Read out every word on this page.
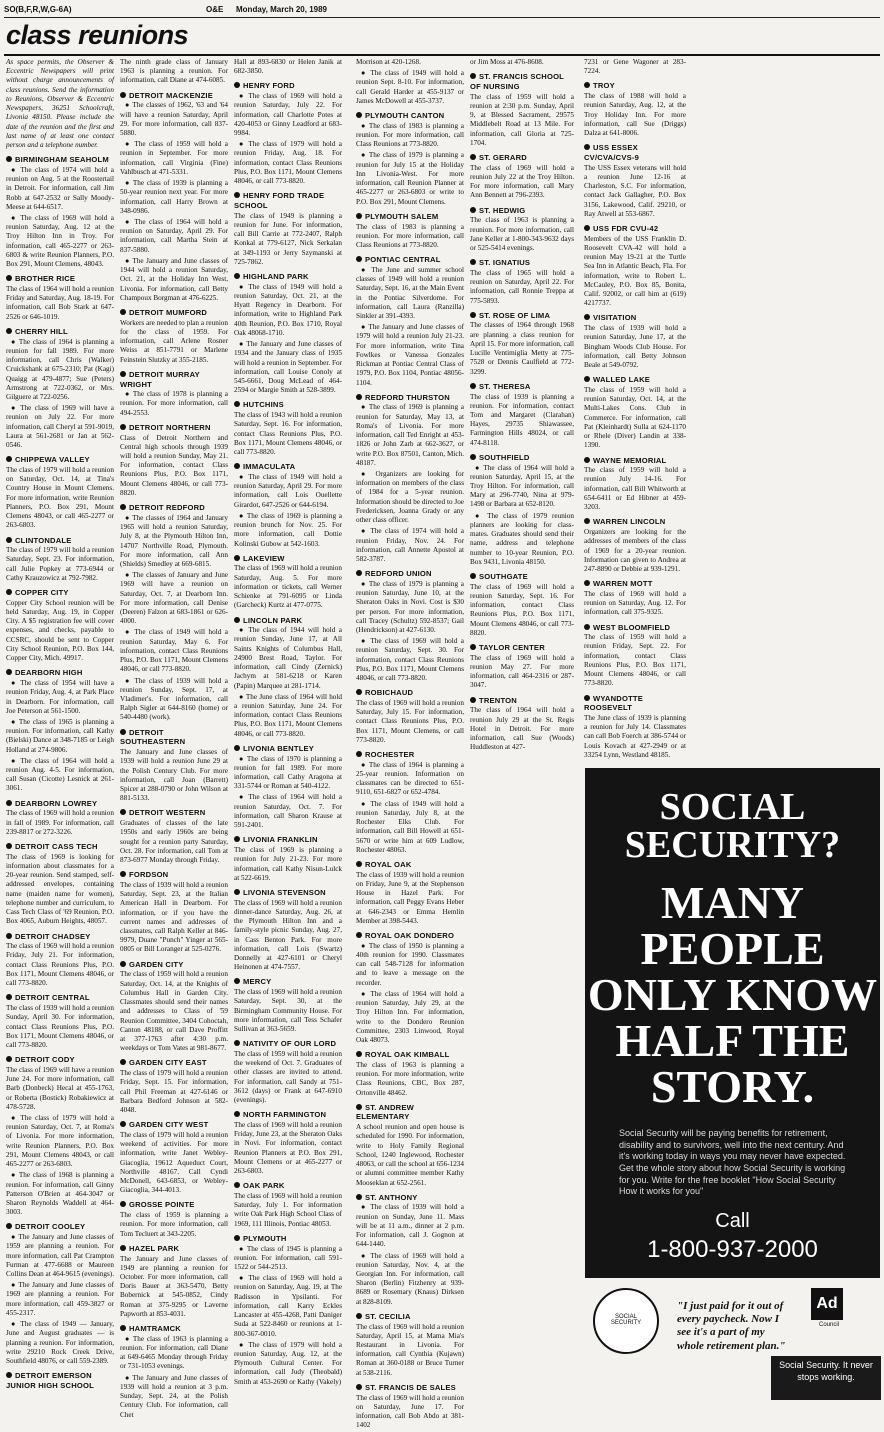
SO(B,F,R,W,G-6A)	O&E Monday, March 20, 1989
class reunions

As space permits, the Observer & Eccentric Newspapers will print without charge announcements of class reunions. Send the information to Reunions, Observer & Eccentric Newspapers, 36251 Schoolcraft, Livonia 48150. Please include the date of the reunion and the first and last name of at least one contact person and a telephone number.

BIRMINGHAM SEAHOLM

● The class of 1974 will hold a reunion on Aug. 5 at the Roostertail in Detroit. For information, call Jim Robb at 647-2532 or Sally Moody-Meese at 644-6517.

● The class of 1969 will hold a reunion Saturday, Aug. 12 at the Troy Hilton Inn in Troy. For information, call 465-2277 or 263-6803 & write Reunion Planners, P.O. Box 291, Mount Clemens, 48043.

BROTHER RICE

The class of 1964 will hold a reunion Friday and Saturday, Aug. 18-19. For information, call Bob Stark at 647-2526 or 646-1019.

CHERRY HILL

● The class of 1964 is planning a reunion for fall 1989. For more information, call Chris (Walker) Cruickshank at 675-2310; Pat (Kagi) Quaigg at 479-4877; Sue (Peters) Armstrong at 722-0362, or Mrs. Gilguere at 722-0256.

● The class of 1969 will have a reunion on July 22. For more information, call Cheryl at 591-9019, Laura at 561-2681 or Jan at 562-0546.

CHIPPEWA VALLEY

The class of 1979 will hold a reunion on Saturday, Oct. 14, at Tina's Country House in Mount Clemens. For more information, write Reunion Planners, P.O. Box 291, Mount Clemens 48043, or call 465-2277 or 263-6803.

CLINTONDALE

The class of 1979 will hold a reunion Saturday, Sept. 23. For information, call Julie Popkey at 773-6944 or Cathy Krauzowicz at 792-7982.

COPPER CITY

Copper City School reunion will be held Saturday, Aug. 19, in Copper City. A $5 registration fee will cover expenses, and checks, payable to CCSRC, should be sent to Copper City School Reunion, P.O. Box 144, Copper City, Mich. 49917.

DEARBORN HIGH

● The class of 1954 will have a reunion Friday, Aug. 4, at Park Place in Dearborn. For information, call Joe Peterson at 561-1500.

● The class of 1965 is planning a reunion. For information, call Kathy (Bielski) Dance at 348-7185 or Leigh Holland at 274-9806.

● The class of 1964 will hold a reunion Aug. 4-5. For information, call Susan (Cicotte) Lesnick at 261-3061.

DEARBORN LOWREY

The class of 1969 will hold a reunion in fall of 1989. For information, call 239-8817 or 272-3226.

DETROIT CASS TECH

The class of 1969 is looking for information about classmates for a 20-year reunion. Send stamped, self-addressed envelopes, containing name (maiden name for women), telephone number and curriculum, to Cass Tech Class of '69 Reunion, P.O. Box 4065, Auburn Heights, 48057.

DETROIT CHADSEY

The class of 1969 will hold a reunion Friday, July 21. For information, contact Class Reunions Plus, P.O. Box 1171, Mount Clemens 48046, or call 773-8820.

DETROIT CENTRAL

The class of 1939 will hold a reunion Sunday, April 30. For information, contact Class Reunions Plus, P.O. Box 1171, Mount Clemens 48046, or call 773-8820.

DETROIT CODY

The class of 1969 will have a reunion June 24. For more information, call Barb (Donbeck) Hecal at 455-1763, or Roberta (Bostick) Robakiewicz at 478-5728.

● The class of 1979 will hold a reunion Saturday, Oct. 7, at Roma's of Livonia. For more information, write Reunion Planners, P.O. Box 291, Mount Clemens 48043, or call 465-2277 or 263-6803.

● The class of 1968 is planning a reunion. For information, call Ginny Patterson O'Brien at 464-3047 or Sharon Reynolds Waddell at 464-3003.

DETROIT COOLEY

● The January and June classes of 1959 are planning a reunion. For more information, call Pat Crampton Furman at 477-6688 or Maureen Collins Dean at 464-9615 (evenings).

● The January and June classes of 1969 are planning a reunion. For more information, call 459-3827 or 455-2317.

● The class of 1949 — January, June and August graduates — is planning a reunion. For information, write 29210 Rock Creek Drive, Southfield 48076, or call 559-2389.

DETROIT EMERSON JUNIOR HIGH SCHOOL

The ninth grade class of January 1963 is planning a reunion. For information, call Diane at 474-6085.

DETROIT MACKENZIE

● The classes of 1962, '63 and '64 will have a reunion Saturday, April 29. For more information, call 837-5880.

● The class of 1959 will hold a reunion in September. For more information, call Virginia (Fine) Vahlbusch at 471-5331.

● The class of 1939 is planning a 50-year reunion next year. For more information, call Harry Brown at 348-0986.

● The class of 1964 will hold a reunion on Saturday, April 29. For information, call Martha Stein at 837-5880.

● The January and June classes of 1944 will hold a reunion Saturday, Oct. 21, at the Holiday Inn West, Livonia. For information, call Betty Champoux Borgman at 476-6225.

DETROIT MUMFORD

Workers are needed to plan a reunion for the class of 1959. For information, call Arlene Rosner Weiss at 851-7791 or Marlene Feinstein Slutzky at 355-2185.

DETROIT MURRAY WRIGHT

● The class of 1978 is planning a reunion. For more information, call 494-2553.

DETROIT NORTHERN

Class of Detroit Northern and Central high schools through 1939 will hold a reunion Sunday, May 21. For information, contact Class Reunions Plus, P.O. Box 1171, Mount Clemens 48046, or call 773-8820.

DETROIT REDFORD

● The classes of 1964 and January 1965 will hold a reunion Saturday, July 8, at the Plymouth Hilton Inn, 14707 Northville Road, Plymouth. For more information, call Ann (Shields) Smedley at 669-6815.

● The classes of January and June 1969 will have a reunion on Saturday, Oct. 7, at Dearborn Inn. For more information, call Denise (Deeren) Falzon at 683-1861 or 626-4000.

● The class of 1949 will hold a reunion Saturday, May 6. For information, contact Class Reunions Plus, P.O. Box 1171, Mount Clemens 48046, or call 773-8820.

● The class of 1939 will hold a reunion Sunday, Sept. 17, at Vladimer's. For information, call Ralph Sigler at 644-8160 (home) or 540-4480 (work).

DETROIT SOUTHEASTERN

The January and June classes of 1939 will hold a reunion June 29 at the Polish Century Club. For more information, call Joan (Barrett) Spicer at 288-0790 or John Wilson at 881-5133.

DETROIT WESTERN

Graduates of classes of the late 1950s and early 1960s are being sought for a reunion party Saturday, Oct. 28. For information, call Tom at 873-6977 Monday through Friday.

FORDSON

The class of 1939 will hold a reunion Saturday, Sept. 23, at the Italian American Hall in Dearborn. For information, or if you have the current names and addresses of classmates, call Ralph Keller at 846-9979, Duane "Punch" Yinger at 565-0805 or Bill Loranger at 525-0276.

GARDEN CITY

The class of 1959 will hold a reunion Saturday, Oct. 14, at the Knights of Columbus Hall in Garden City. Classmates should send their names and addresses to Class of '59 Reunion Committee, 3404 Cohoctah, Canton 48188, or call Dave Proffitt at 377-1763 after 4:30 p.m. weekdays or Tom Vates at 981-8677.

GARDEN CITY EAST

The class of 1979 will hold a reunion Friday, Sept. 15. For information, call Phil Freeman at 427-6146 or Barbara Bedford Johnson at 582-4048.

GARDEN CITY WEST

The class of 1979 will hold a reunion weekend of activities. For more information, write Janet Webley-Giacoglia, 19612 Aqueduct Court, Northville 48167. Call Cyndi McDonell, 643-6853, or Webley-Giacoglia, 344-4013.

GROSSE POINTE

The class of 1959 is planning a reunion. For more information, call Tom Tecluert at 343-2205.

HAZEL PARK

The January and June classes of 1949 are planning a reunion for October. For more information, call Doris Bauer at 363-5470, Betty Bobernick at 545-0852, Cindy Roman at 375-9295 or Laverne Papworth at 853-4031.

HAMTRAMCK

● The class of 1963 is planning a reunion. For information, call Diane at 649-6465 Monday through Friday or 731-1053 evenings.

● The January and June classes of 1939 will hold a reunion at 3 p.m. Sunday, Sept. 24, at the Polish Century Club. For information, call Chet

Hall at 893-6830 or Helen Janik at 682-3850.

HENRY FORD

● The class of 1969 will hold a reunion Saturday, July 22. For information, call Charlotte Potes at 420-4053 or Ginny Leadford at 683-9984.

● The class of 1979 will hold a reunion Friday, Aug. 18. For information, contact Class Reunions Plus, P.O. Box 1171, Mount Clemens 48046, or call 773-8820.

HENRY FORD TRADE SCHOOL

The class of 1949 is planning a reunion for June. For information, call Bill Carrie at 772-2407, Ralph Konkal at 779-6127, Nick Serkalan at 349-1193 or Jerry Szymanski at 725-7862.

HIGHLAND PARK

● The class of 1949 will hold a reunion Saturday, Oct. 21, at the Hyatt Regency in Dearborn. For information, write to Highland Park 40th Reunion, P.O. Box 1710, Royal Oak 48068-1710.

● The January and June classes of 1934 and the January class of 1935 will hold a reunion in September. For information, call Louise Conoly at 545-6661, Doug McLead of 464-2594 or Margie Smith at 528-3899.

HUTCHINS

The class of 1943 will hold a reunion Saturday, Sept. 16. For information, contact Class Reunions Plus, P.O. Box 1171, Mount Clemens 48046, or call 773-8820.

IMMACULATA

● The class of 1949 will hold a reunion Saturday, April 29. For more information, call Lois Ouellette Girardot, 647-2526 or 644-6194.

● The class of 1969 is planning a reunion brunch for Nov. 25. For more information, call Dottie Kolinski Gubow at 542-1603.

LAKEVIEW

The class of 1969 will hold a reunion Saturday, Aug. 5. For more information or tickets, call Werner Schienke at 791-6095 or Linda (Garcheck) Kurtz at 477-0775.

LINCOLN PARK

● The class of 1944 will hold a reunion Sunday, June 17, at All Saints Knights of Columbus Hall, 24900 Brest Road, Taylor. For information, call Cindy (Zernick) Jachym at 581-6218 or Karen (Papin) Marquee at 281-1714.

● The June class of 1964 will hold a reunion Saturday, June 24. For information, contact Class Reunions Plus, P.O. Box 1171, Mount Clemens 48046, or call 773-8820.

LIVONIA BENTLEY

● The class of 1970 is planning a reunion for fall 1989. For more information, call Cathy Aragona at 331-5744 or Roman at 540-4122.

● The class of 1964 will hold a reunion Saturday, Oct. 7. For information, call Sharon Krause at 591-2401.

LIVONIA FRANKLIN

The class of 1969 is planning a reunion for July 21-23. For more information, call Kathy Nisun-Lulck at 522-6619.

LIVONIA STEVENSON

The class of 1969 will hold a reunion dinner-dance Saturday, Aug. 26, at the Plymouth Hilton Inn and a family-style picnic Sunday, Aug. 27, in Cass Benton Park. For more information, call Lois (Swartz) Donnelly at 427-6101 or Cheryl Heinonen at 474-7557.

MERCY

The class of 1969 will hold a reunion Saturday, Sept. 30, at the Birmingham Community House. For more information, call Tess Schafer Sullivan at 363-5659.

NATIVITY OF OUR LORD

The class of 1959 will hold a reunion the weekend of Oct. 7. Graduates of other classes are invited to attend. For information, call Sandy at 751-3612 (days) or Frank at 647-6910 (evenings).

NORTH FARMINGTON

The class of 1969 will hold a reunion Friday, June 23, at the Sheraton Oaks in Novi. For information, contact Reunion Planners at P.O. Box 291, Mount Clemens or at 465-2277 or 263-6803.

OAK PARK

The class of 1969 will hold a reunion Saturday, July 1. For information write Oak Park High School Class of 1969, 111 Illinois, Pontiac 48053.

PLYMOUTH

● The class of 1945 is planning a reunion. For information, call 591-1522 or 544-2513.

● The class of 1969 will hold a reunion on Saturday, Aug. 19, at The Radisson in Ypsilanti. For information, call Karry Eckles Lancaster at 455-4268, Patti Daniger Suda at 522-8460 or reunions at 1-800-367-0010.

● The class of 1979 will hold a reunion Saturday, Aug. 12, at the Plymouth Cultural Center. For information, call Judy (Theobald) Smith at 453-2690 or Kathy (Vakely)

Morrison at 420-1268.

● The class of 1949 will hold a reunion Sept. 8-10. For information, call Gerald Harder at 455-9137 or James McDowell at 455-3737.

PLYMOUTH CANTON

● The class of 1983 is planning a reunion. For more information, call Class Reunions at 773-8820.

● The class of 1979 is planning a reunion for July 15 at the Holiday Inn Livonia-West. For more information, call Reunion Planner at 465-2277 or 263-6803 or write to P.O. Box 291, Mount Clemens.

PLYMOUTH SALEM

The class of 1983 is planning a reunion. For more information, call Class Reunions at 773-8820.

PONTIAC CENTRAL

● The June and summer school classes of 1949 will hold a reunion Saturday, Sept. 16, at the Main Event in the Pontiac Silverdome. For information, call Laura (Ranzilla) Sinkler at 391-4393.

● The January and June classes of 1979 will hold a reunion July 21-23. For more information, write Tina Fowlkes or Vanessa Gonzales Rickman at Pontiac Central Class of 1979, P.O. Box 1104, Pontiac 48056-1104.

REDFORD THURSTON

● The class of 1969 is planning a reunion for Saturday, May 13, at Roma's of Livonia. For more information, call Ted Enright at 453-1826 or John Zarb at 662-3627, or write P.O. Box 87501, Canton, Mich. 48187.

● Organizers are looking for information on members of the class of 1984 for a 5-year reunion. Information should be directed to Joe Fredericksen, Joanna Grady or any other class officer.

● The class of 1974 will hold a reunion Friday, Nov. 24. For information, call Annette Apostol at 582-3787.

REDFORD UNION

● The class of 1979 is planning a reunion Saturday, June 10, at the Sheraton Oaks in Novi. Cost is $30 per person. For more information, call Tracey (Schultz) 592-8537; Gail (Hendrickson) at 427-6130.

● The class of 1969 will hold a reunion Saturday, Sept. 30. For information, contact Class Reunions Plus, P.O. Box 1171, Mount Clemens 48046, or call 773-8820.

ROBICHAUD

The class of 1969 will hold a reunion Saturday, July 15. For information, contact Class Reunions Plus, P.O. Box 1171, Mount Clemens, or call 773-8820.

ROCHESTER

● The class of 1964 is planning a 25-year reunion. Information on classmates can be directed to 651-9110, 651-6827 or 652-4784.

● The class of 1949 will hold a reunion Saturday, July 8, at the Rochester Elks Club. For information, call Bill Howell at 651-5670 or write him at 609 Ludlow, Rochester 48063.

ROYAL OAK

The class of 1939 will hold a reunion on Friday, June 9, at the Stephenson House in Hazel Park. For information, call Peggy Evans Heber at 646-2343 or Emma Hemlin Member at 398-5443.

ROYAL OAK DONDERO

● The class of 1950 is planning a 40th reunion for 1990. Classmates can call 548-7128 for information and to leave a message on the recorder.

● The class of 1964 will hold a reunion Saturday, July 29, at the Troy Hilton Inn. For information, write to the Dondero Reunion Committee, 2303 Linwood, Royal Oak 48073.

ROYAL OAK KIMBALL

The class of 1963 is planning a reunion. For more information, write Class Reunions, CBC, Box 287, Ortonville 48462.

ST. ANDREW ELEMENTARY

A school reunion and open house is scheduled for 1990. For information, write to Holy Family Regional School, 1240 Inglewood, Rochester 48063, or call the school at 656-1234 or alumni committee member Kathy Mooseklan at 652-2561.

ST. ANTHONY

● The class of 1939 will hold a reunion on Sunday, June 11. Mass will be at 11 a.m., dinner at 2 p.m. For information, call J. Gognon at 644-1440.

● The class of 1969 will hold a reunion Saturday, Nov. 4, at the Georgian Inn. For information, call Sharon (Berlin) Fitzhenry at 939-8689 or Rosemary (Knaus) Dirksen at 828-8109.

ST. CECILIA

The class of 1969 will hold a reunion Saturday, April 15, at Mama Mia's Restaurant in Livonia. For information, call Cynthia (Kujawn) Roman at 360-0188 or Bruce Turner at 538-2116.

ST. FRANCIS DE SALES

The class of 1969 will hold a reunion on Saturday, June 17. For information, call Bob Abdo at 381-1402

or Jim Moss at 476-8608.

ST. FRANCIS SCHOOL OF NURSING

The class of 1959 will hold a reunion at 2:30 p.m. Sunday, April 9, at Blessed Sacrament, 29575 Middlebelt Road at 13 Mile. For information, call Gloria at 725-1704.

ST. GERARD

The class of 1969 will hold a reunion July 22 at the Troy Hilton. For more information, call Mary Ann Bennett at 796-2393.

ST. HEDWIG

The class of 1963 is planning a reunion. For more information, call Jane Keller at 1-800-343-9632 days or 525-5414 evenings.

ST. IGNATIUS

The class of 1965 will hold a reunion on Saturday, April 22. For information, call Ronnie Treppa at 775-5893.

ST. ROSE OF LIMA

The classes of 1964 through 1968 are planning a class reunion for April 15. For more information, call Lucille Ventimiglia Metty at 775-7528 or Dennis Caulfield at 772-3299.

ST. THERESA

The class of 1939 is planning a reunion. For information, contact Tom and Margaret (Clarahan) Hayes, 29735 Shiawassee, Farmington Hills 48024, or call 474-8118.

SOUTHFIELD

● The class of 1964 will hold a reunion Saturday, April 15, at the Troy Hilton. For information, call Mary at 296-7740, Nina at 979-1498 or Barbara at 652-8120.

● The class of 1979 reunion planners are looking for class-mates. Graduates should send their name, address and telephone number to 10-year Reunion, P.O. Box 9431, Livonia 48150.

SOUTHGATE

The class of 1969 will hold a reunion Saturday, Sept. 16. For information, contact Class Reunions Plus, P.O. Box 1171, Mount Clemens 48046, or call 773-8820.

TAYLOR CENTER

The class of 1969 will hold a reunion May 27. For more information, call 464-2316 or 287-3047.

TRENTON

The class of 1964 will hold a reunion July 29 at the St. Regis Hotel in Detroit. For more information, call Sue (Woods) Huddleston at 427-

7231 or Gene Wagoner at 283-7224.

TROY

The class of 1988 will hold a reunion Saturday, Aug. 12, at the Troy Holiday Inn. For more information, call Sue (Driggs) Dalza at 641-8006.

USS ESSEX CV/CVA/CVS-9

The USS Essex veterans will hold a reunion June 12-16 at Charleston, S.C. For information, contact Jack Gallagher, P.O. Box 3156, Lakewood, Calif. 29210, or Ray Atwell at 553-6867.

USS FDR CVU-42

Members of the USS Franklin D. Roosevelt CVA-42 will hold a reunion May 19-21 at the Turtle Sea Inn in Atlantic Beach, Fla. For information, write to Robert L. McCauley, P.O. Box 85, Bonita, Calif. 92002, or call him at (619) 4217737.

VISITATION

The class of 1939 will hold a reunion Saturday, June 17, at the Bingham Woods Club House. For information, call Betty Johnson Beale at 549-0792.

WALLED LAKE

The class of 1959 will hold a reunion Saturday, Oct. 14, at the Multi-Lakes Cons. Club in Commerce. For information, call Pat (Kleinhardt) Sulla at 624-1170 or Rhele (Diver) Landin at 338-1390.

WAYNE MEMORIAL

The class of 1959 will hold a reunion July 14-16. For information, call Bill Whitworth at 654-6411 or Ed Hibner at 459-3203.

WARREN LINCOLN

Organizers are looking for the addresses of members of the class of 1969 for a 20-year reunion. Information can given to Andrea at 247-8890 or Debbie at 939-1291.

WARREN MOTT

The class of 1969 will hold a reunion on Saturday, Aug. 12. For information, call 375-9325.

WEST BLOOMFIELD

The class of 1959 will hold a reunion Friday, Sept. 22. For information, contact Class Reunions Plus, P.O. Box 1171, Mount Clemens 48046, or call 773-8820.

WYANDOTTE ROOSEVELT

The June class of 1939 is planning a reunion for July 14. Classmates can call Bob Foerch at 386-5744 or Louis Kovach at 427-2949 or at 33254 Lynn, Westland 48185.

SOCIAL SECURITY?
MANY PEOPLE ONLY KNOW HALF THE STORY.
Social Security will be paying benefits for retirement, disability and to survivors, well into the next century. And it's working today in ways you may never have expected. Get the whole story about how Social Security is working for you. Write for the free booklet "How Social Security How it works for you"
Call
1-800-937-2000
SOCIAL SECURITY
"I just paid for it out of every paycheck. Now I see it's a part of my whole retirement plan."
Ad
Council
Social Security. It never stops working.
